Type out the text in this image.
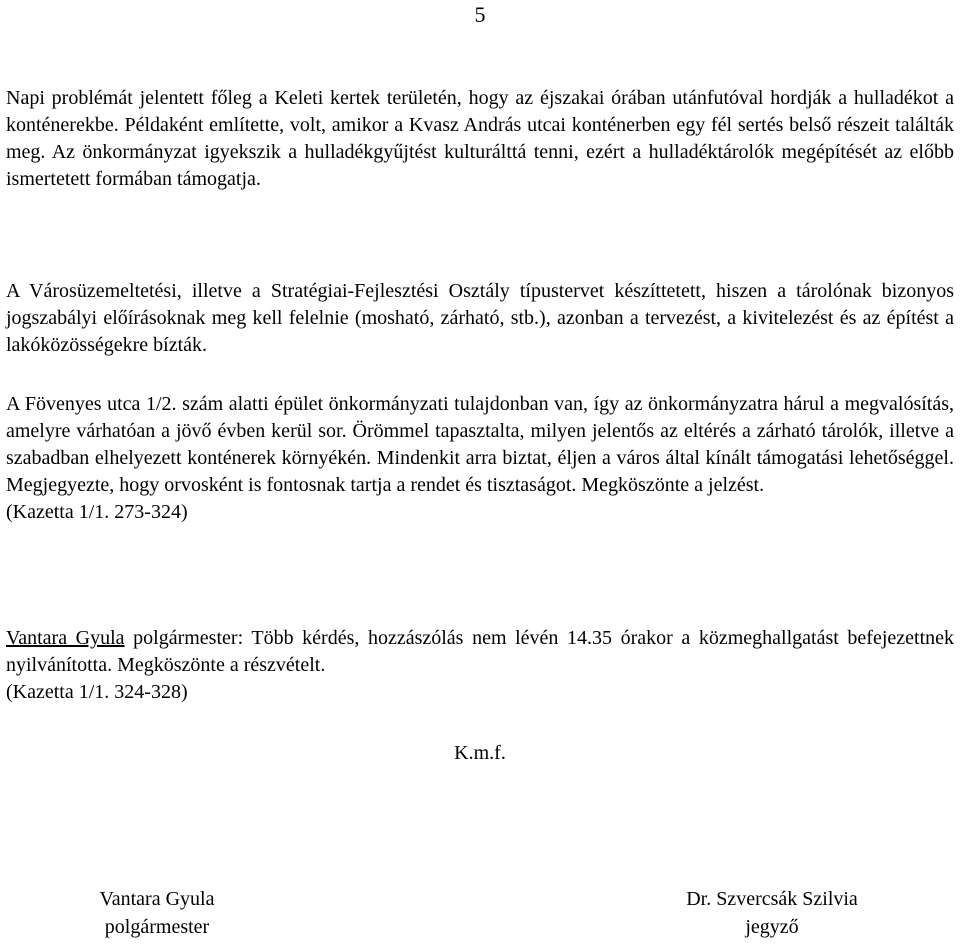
5

Napi problémát jelentett főleg a Keleti kertek területén, hogy az éjszakai órában utánfutóval hordják a hulladékot a konténerekbe. Példaként említette, volt, amikor a Kvasz András utcai konténerben egy fél sertés belső részeit találták meg. Az önkormányzat igyekszik a hulladékgyűjtést kulturálttá tenni, ezért a hulladéktárolók megépítését az előbb ismertetett formában támogatja.

A Városüzemeltetési, illetve a Stratégiai-Fejlesztési Osztály típustervet készíttetett, hiszen a tárolónak bizonyos jogszabályi előírásoknak meg kell felelnie (mosható, zárható, stb.), azonban a tervezést, a kivitelezést és az építést a lakóközösségekre bízták.

A Fövenyes utca 1/2. szám alatti épület önkormányzati tulajdonban van, így az önkormányzatra hárul a megvalósítás, amelyre várhatóan a jövő évben kerül sor. Örömmel tapasztalta, milyen jelentős az eltérés a zárható tárolók, illetve a szabadban elhelyezett konténerek környékén. Mindenkit arra biztat, éljen a város által kínált támogatási lehetőséggel. Megjegyezte, hogy orvosként is fontosnak tartja a rendet és tisztaságot. Megköszönte a jelzést.
(Kazetta 1/1. 273-324)

Vantara Gyula polgármester: Több kérdés, hozzászólás nem lévén 14.35 órakor a közmeghallgatást befejezettnek nyilvánította. Megköszönte a részvételt.
(Kazetta 1/1. 324-328)

K.m.f.
Vantara Gyula
polgármester
Dr. Szvercsák Szilvia
jegyző
